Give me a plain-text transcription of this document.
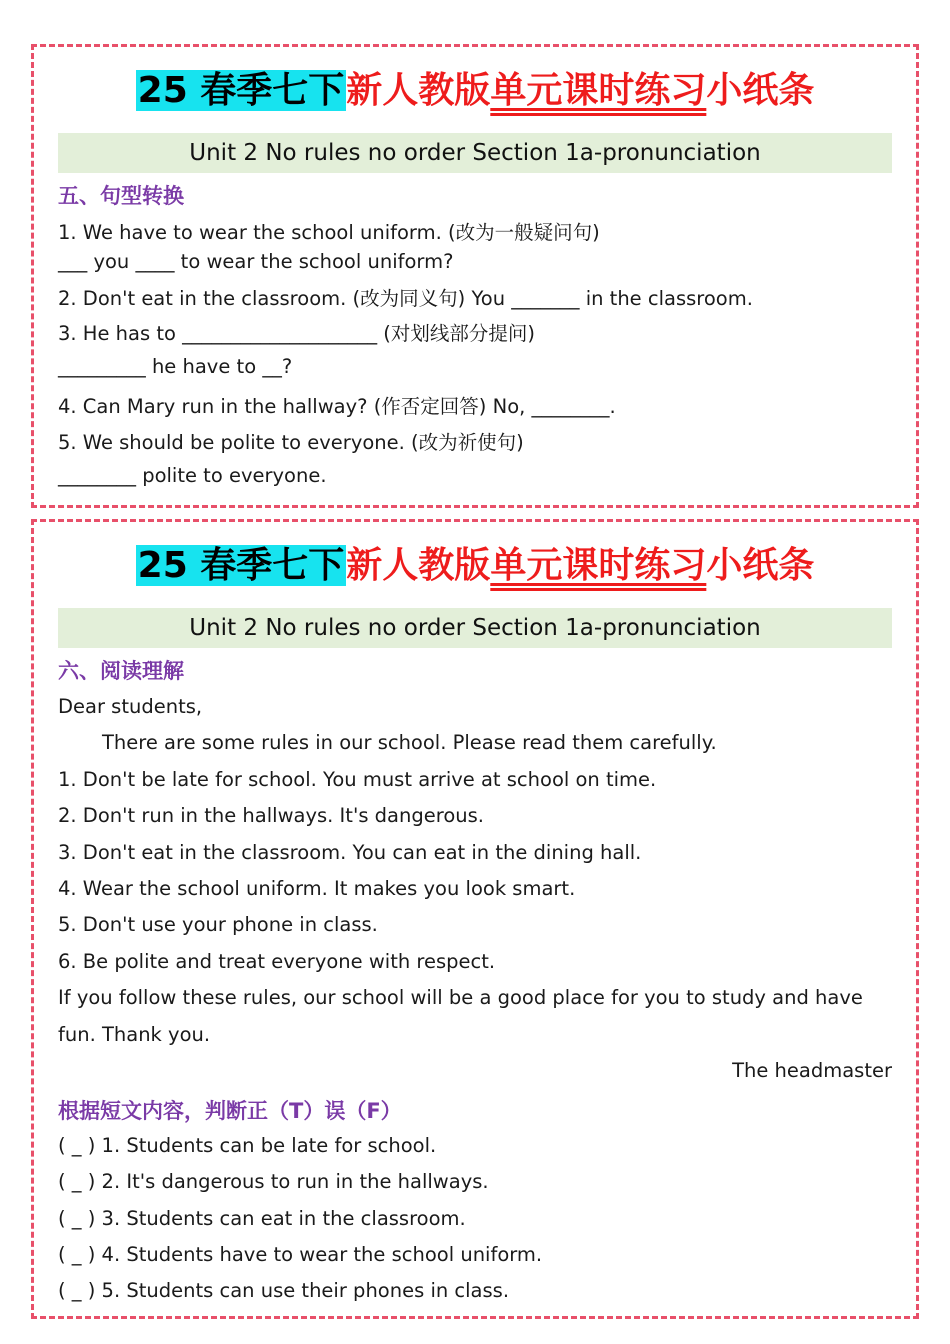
25 春季七下新人教版单元课时练习小纸条
Unit 2 No rules no order Section 1a-pronunciation
五、句型转换
1. We have to wear the school uniform. (改为一般疑问句)
___ you ____ to wear the school uniform?
2. Don't eat in the classroom. (改为同义句) You _______ in the classroom.
3. He has to ____________________ (对划线部分提问)
_________ he have to __?
4. Can Mary run in the hallway? (作否定回答) No, ________.
5. We should be polite to everyone. (改为祈使句)
________ polite to everyone.
25 春季七下新人教版单元课时练习小纸条
Unit 2 No rules no order Section 1a-pronunciation
六、阅读理解
Dear students,
There are some rules in our school. Please read them carefully.
1. Don't be late for school. You must arrive at school on time.
2. Don't run in the hallways. It's dangerous.
3. Don't eat in the classroom. You can eat in the dining hall.
4. Wear the school uniform. It makes you look smart.
5. Don't use your phone in class.
6. Be polite and treat everyone with respect.
If you follow these rules, our school will be a good place for you to study and have
fun. Thank you.
The headmaster
根据短文内容，判断正（T）误（F）
( _ ) 1. Students can be late for school.
( _ ) 2. It's dangerous to run in the hallways.
( _ ) 3. Students can eat in the classroom.
( _ ) 4. Students have to wear the school uniform.
( _ ) 5. Students can use their phones in class.
